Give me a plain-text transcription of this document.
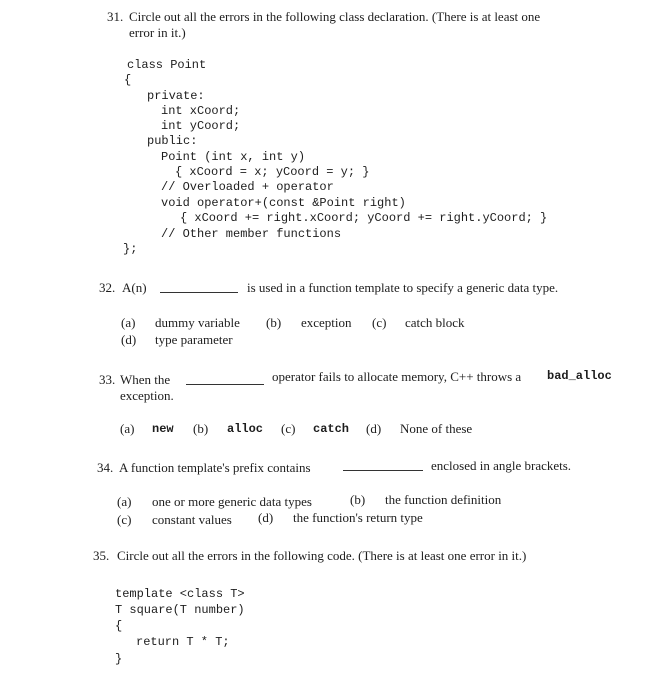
31. Circle out all the errors in the following class declaration. (There is at least one
error in it.)
class Point
{
private:
int xCoord;
int yCoord;
public:
Point (int x, int y)
{ xCoord = x; yCoord = y; }
// Overloaded + operator
void operator+(const &Point right)
{ xCoord += right.xCoord; yCoord += right.yCoord; }
// Other member functions
};
32. A(n)	is used in a function template to specify a generic data type.
(a) dummy variable (b) exception (c) catch block
(d) type parameter
33. When the	operator fails to allocate memory, C++ throws a bad_alloc
exception.
(a) new (b) alloc (c) catch (d) None of these
34. A function template's prefix contains	enclosed in angle brackets.
(a) one or more generic data types	(b) the function definition
(c) constant values (d) the function's return type
35. Circle out all the errors in the following code. (There is at least one error in it.)
template <class T>
T square(T number)
{
return T * T;
}
